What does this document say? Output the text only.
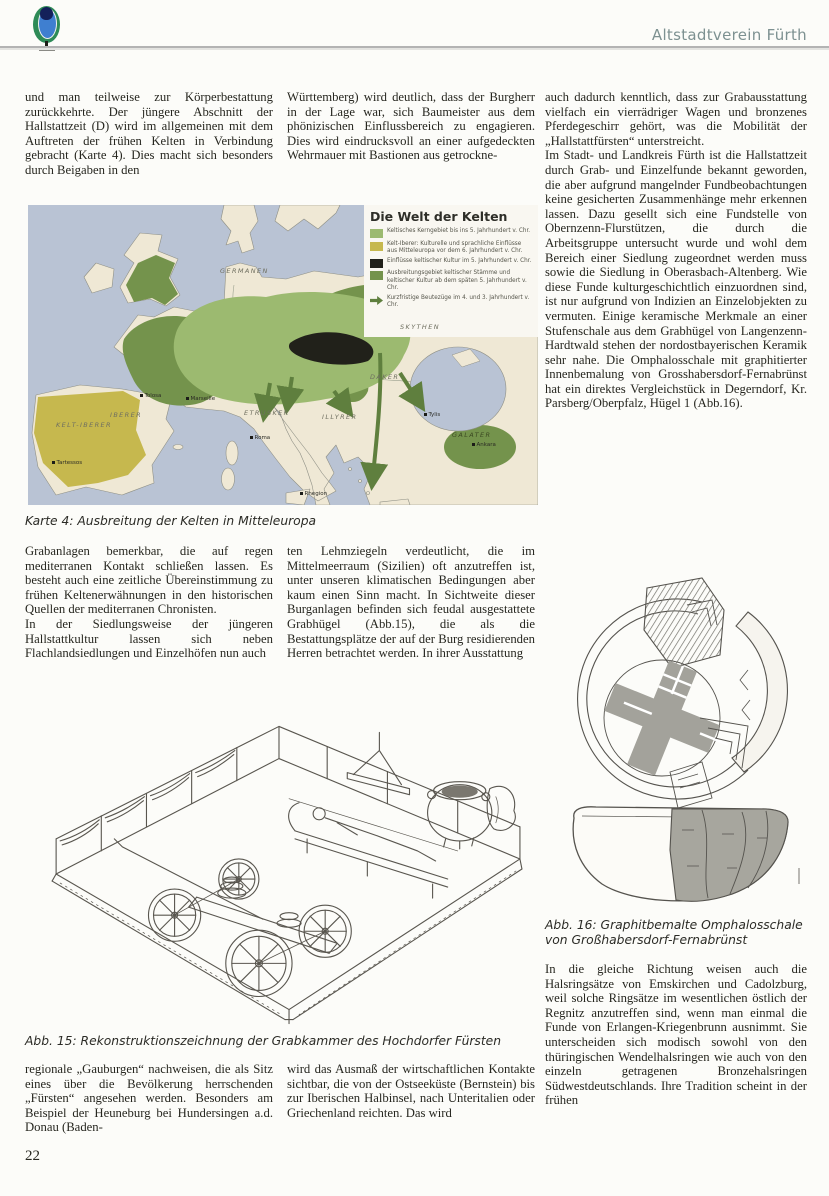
Altstadtverein Fürth

und man teilweise zur Körperbestattung zurückkehrte. Der jüngere Abschnitt der Hallstattzeit (D) wird im allgemeinen mit dem Auftreten der frühen Kelten in Verbindung gebracht (Karte 4). Dies macht sich besonders durch Beigaben in den

Württemberg) wird deutlich, dass der Burgherr in der Lage war, sich Baumeister aus dem phönizischen Einflussbereich zu engagieren. Dies wird eindrucksvoll an einer aufgedeckten Wehrmauer mit Bastionen aus getrockne-

auch dadurch kenntlich, dass zur Grabausstattung vielfach ein vierrädriger Wagen und bronzenes Pferdegeschirr gehört, was die Mobilität der „Hallstattfürsten“ unterstreicht.

Im Stadt- und Landkreis Fürth ist die Hallstattzeit durch Grab- und Einzelfunde bekannt geworden, die aber aufgrund mangelnder Fundbeobachtungen keine gesicherten Zusammenhänge mehr erkennen lassen. Dazu gesellt sich eine Fundstelle von Obernzenn-Flurstützen, die durch die Arbeitsgruppe untersucht wurde und wohl dem Bereich einer Siedlung zugeordnet werden muss sowie die Siedlung in Oberasbach-Altenberg. Wie diese Funde kulturgeschichtlich einzuordnen sind, ist nur aufgrund von Indizien an Einzelobjekten zu vermuten. Einige keramische Merkmale an einer Stufenschale aus dem Grabhügel von Langenzenn-Hardtwald stehen der nordostbayerischen Keramik sehr nahe. Die Omphalosschale mit graphitierter Innenbemalung von Grosshabersdorf-Fernabrünst hat ein direktes Vergleichstück in Degerndorf, Kr. Parsberg/Oberpfalz, Hügel 1 (Abb.16).

Die Welt der Kelten
Keltisches Kerngebiet bis ins 5. Jahrhundert v. Chr.
Kelt-Iberer: Kulturelle und sprachliche Einflüsse aus Mitteleuropa vor dem 6. Jahrhundert v. Chr.
Einflüsse keltischer Kultur im 5. Jahrhundert v. Chr.
Ausbreitungsgebiet keltischer Stämme und keltischer Kultur ab dem späten 5. Jahrhundert v. Chr.
Kurzfristige Beutezüge im 4. und 3. Jahrhundert v. Chr.
GERMANEN
SKYTHEN
DAKER
ILLYRER
ETRUSKER
IBERER
KELT-IBERER
GALATER
Tolosa	Marseille
Roma
Tartessos
Rhegion
Tylis
Ankara
Karte 4: Ausbreitung der Kelten in Mitteleuropa

Grabanlagen bemerkbar, die auf regen mediterranen Kontakt schließen lassen. Es besteht auch eine zeitliche Übereinstimmung zu frühen Keltenerwähnungen in den historischen Quellen der mediterranen Chronisten.

In der Siedlungsweise der jüngeren Hallstattkultur lassen sich neben Flachlandsiedlungen und Einzelhöfen nun auch

ten Lehmziegeln verdeutlicht, die im Mittelmeerraum (Sizilien) oft anzutreffen ist, unter unseren klimatischen Bedingungen aber kaum einen Sinn macht. In Sichtweite dieser Burganlagen befinden sich feudal ausgestattete Grabhügel (Abb.15), die als die Bestattungsplätze der auf der Burg residierenden Herren betrachtet werden. In ihrer Ausstattung

Abb. 15: Rekonstruktionszeichnung der Grabkammer des Hochdorfer Fürsten
Abb. 16: Graphitbemalte Omphalosschale von Großhabersdorf-Fernabrünst

regionale „Gauburgen“ nachweisen, die als Sitz eines über die Bevölkerung herrschenden „Fürsten“ angesehen werden. Besonders am Beispiel der Heuneburg bei Hundersingen a.d. Donau (Baden-

wird das Ausmaß der wirtschaftlichen Kontakte sichtbar, die von der Ostseeküste (Bernstein) bis zur Iberischen Halbinsel, nach Unteritalien oder Griechenland reichten. Das wird

In die gleiche Richtung weisen auch die Halsringsätze von Emskirchen und Cadolzburg, weil solche Ringsätze im wesentlichen östlich der Regnitz anzutreffen sind, wenn man einmal die Funde von Erlangen-Kriegenbrunn ausnimmt. Sie unterscheiden sich modisch sowohl von den thüringischen Wendelhalsringen wie auch von den einzeln getragenen Bronzehalsringen Südwestdeutschlands. Ihre Tradition scheint in der frühen

22
